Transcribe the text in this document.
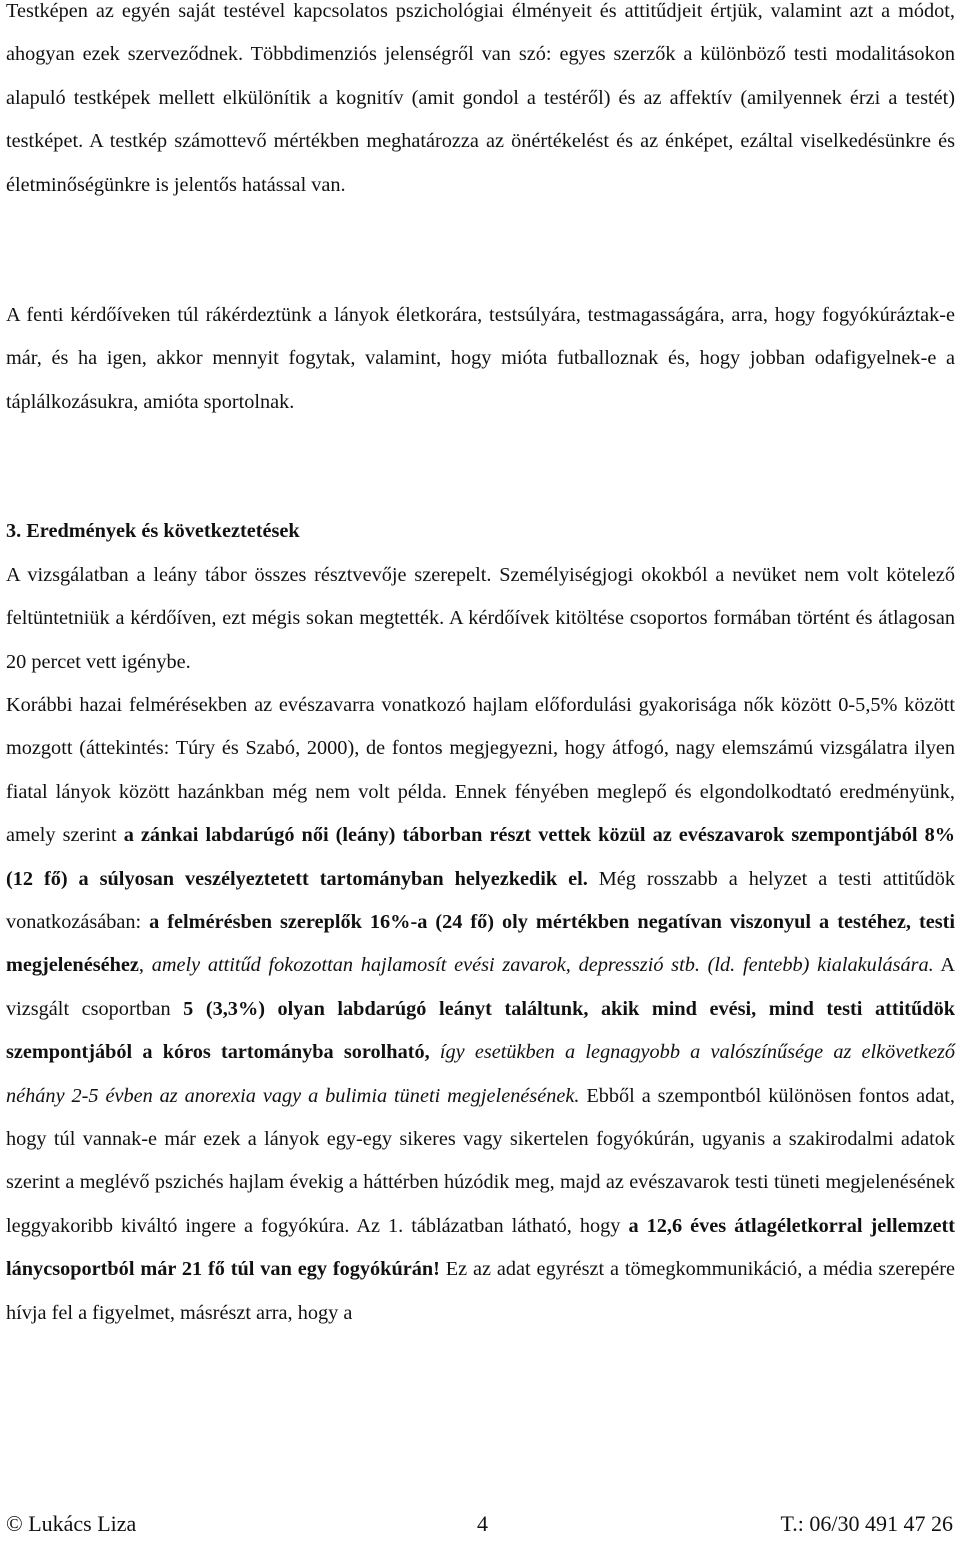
Testképen az egyén saját testével kapcsolatos pszichológiai élményeit és attitűdjeit értjük, valamint azt a módot, ahogyan ezek szerveződnek. Többdimenziós jelenségről van szó: egyes szerzők a különböző testi modalitásokon alapuló testképek mellett elkülönítik a kognitív (amit gondol a testéről) és az affektív (amilyennek érzi a testét) testképet. A testkép számottevő mértékben meghatározza az önértékelést és az énképet, ezáltal viselkedésünkre és életminőségünkre is jelentős hatással van.

A fenti kérdőíveken túl rákérdeztünk a lányok életkorára, testsúlyára, testmagasságára, arra, hogy fogyókúráztak-e már, és ha igen, akkor mennyit fogytak, valamint, hogy mióta futballoznak és, hogy jobban odafigyelnek-e a táplálkozásukra, amióta sportolnak.

3. Eredmények és következtetések

A vizsgálatban a leány tábor összes résztvevője szerepelt. Személyiségjogi okokból a nevüket nem volt kötelező feltüntetniük a kérdőíven, ezt mégis sokan megtették. A kérdőívek kitöltése csoportos formában történt és átlagosan 20 percet vett igénybe.

Korábbi hazai felmérésekben az evészavarra vonatkozó hajlam előfordulási gyakorisága nők között 0-5,5% között mozgott (áttekintés: Túry és Szabó, 2000), de fontos megjegyezni, hogy átfogó, nagy elemszámú vizsgálatra ilyen fiatal lányok között hazánkban még nem volt példa. Ennek fényében meglepő és elgondolkodtató eredményünk, amely szerint a zánkai labdarúgó női (leány) táborban részt vettek közül az evészavarok szempontjából 8% (12 fő) a súlyosan veszélyeztetett tartományban helyezkedik el. Még rosszabb a helyzet a testi attitűdök vonatkozásában: a felmérésben szereplők 16%-a (24 fő) oly mértékben negatívan viszonyul a testéhez, testi megjelenéséhez, amely attitűd fokozottan hajlamosít evési zavarok, depresszió stb. (ld. fentebb) kialakulására. A vizsgált csoportban 5 (3,3%) olyan labdarúgó leányt találtunk, akik mind evési, mind testi attitűdök szempontjából a kóros tartományba sorolható, így esetükben a legnagyobb a valószínűsége az elkövetkező néhány 2-5 évben az anorexia vagy a bulimia tüneti megjelenésének. Ebből a szempontból különösen fontos adat, hogy túl vannak-e már ezek a lányok egy-egy sikeres vagy sikertelen fogyókúrán, ugyanis a szakirodalmi adatok szerint a meglévő pszichés hajlam évekig a háttérben húzódik meg, majd az evészavarok testi tüneti megjelenésének leggyakoribb kiváltó ingere a fogyókúra. Az 1. táblázatban látható, hogy a 12,6 éves átlagéletkorral jellemzett lánycsoportból már 21 fő túl van egy fogyókúrán! Ez az adat egyrészt a tömegkommunikáció, a média szerepére hívja fel a figyelmet, másrészt arra, hogy a

© Lukács Liza	4	T.: 06/30 491 47 26
